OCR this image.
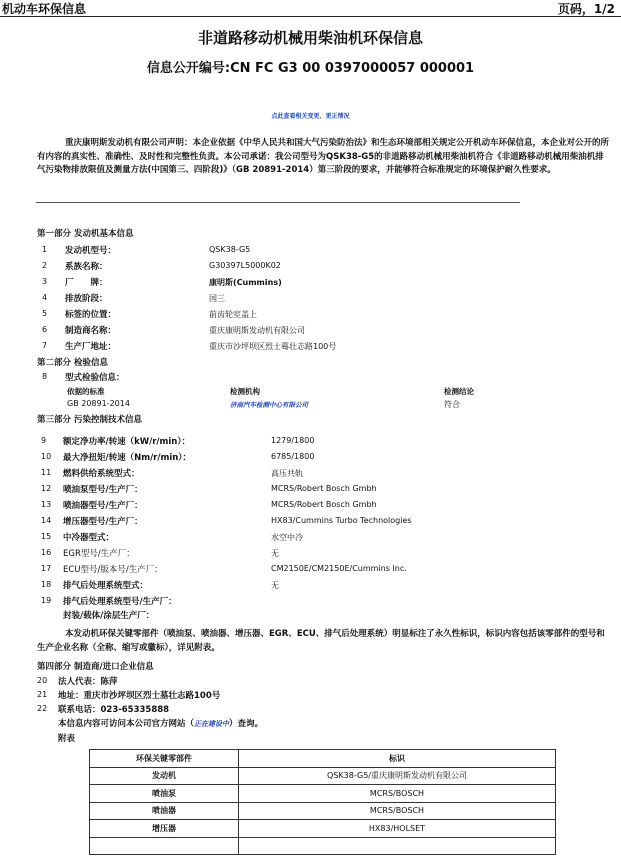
机动车环保信息	页码，1/2
非道路移动机械用柴油机环保信息
信息公开编号:CN FC G3 00 0397000057 000001
点此查看相关变更、更正情况
重庆康明斯发动机有限公司声明：本企业依据《中华人民共和国大气污染防治法》和生态环境部相关规定公开机动车环保信息，本企业对公开的所有内容的真实性、准确性、及时性和完整性负责。本公司承诺：我公司型号为QSK38-G5的非道路移动机械用柴油机符合《非道路移动机械用柴油机排气污染物排放限值及测量方法(中国第三、四阶段)》（GB 20891-2014）第三阶段的要求，并能够符合标准规定的环境保护耐久性要求。
第一部分 发动机基本信息
1 发动机型号：	QSK38-G5
2 系族名称：	G30397L5000K02
3 厂　　牌：	康明斯(Cummins)
4 排放阶段：	国三
5 标签的位置：	前齿轮室盖上
6 制造商名称：	重庆康明斯发动机有限公司
7 生产厂地址：	重庆市沙坪坝区烈士蓦壮志路100号
第二部分 检验信息
8 型式检验信息：
依据的标准	检测机构	检测结论
GB 20891-2014	济南汽车检测中心有限公司	符合
第三部分 污染控制技术信息
9 额定净功率/转速（kW/r/min）：	1279/1800
10 最大净扭矩/转速（Nm/r/min）：	6785/1800
11 燃料供给系统型式：	高压共轨
12 喷油泵型号/生产厂：	MCRS/Robert Bosch Gmbh
13 喷油器型号/生产厂：	MCRS/Robert Bosch Gmbh
14 增压器型号/生产厂：	HX83/Cummins Turbo Technologies
15 中冷器型式：	水空中冷
16 EGR型号/生产厂：	无
17 ECU型号/版本号/生产厂：	CM2150E/CM2150E/Cummins Inc.
18 排气后处理系统型式：	无
19 排气后处理系统型号/生产厂：
封装/载体/涂层生产厂：
本发动机环保关键零部件（喷油泵、喷油器、增压器、EGR、ECU、排气后处理系统）明显标注了永久性标识，标识内容包括该零部件的型号和生产企业名称（全称、缩写或徽标），详见附表。
第四部分 制造商/进口企业信息
20 法人代表：陈萍
21 地址：重庆市沙坪坝区烈士墓壮志路100号
22 联系电话：023-65335888
本信息内容可访问本公司官方网站（正在建设中）查询。
附表
环保关键零部件	标识
发动机	QSK38-G5/重庆康明斯发动机有限公司
喷油泵	MCRS/BOSCH
喷油器	MCRS/BOSCH
增压器	HX83/HOLSET
